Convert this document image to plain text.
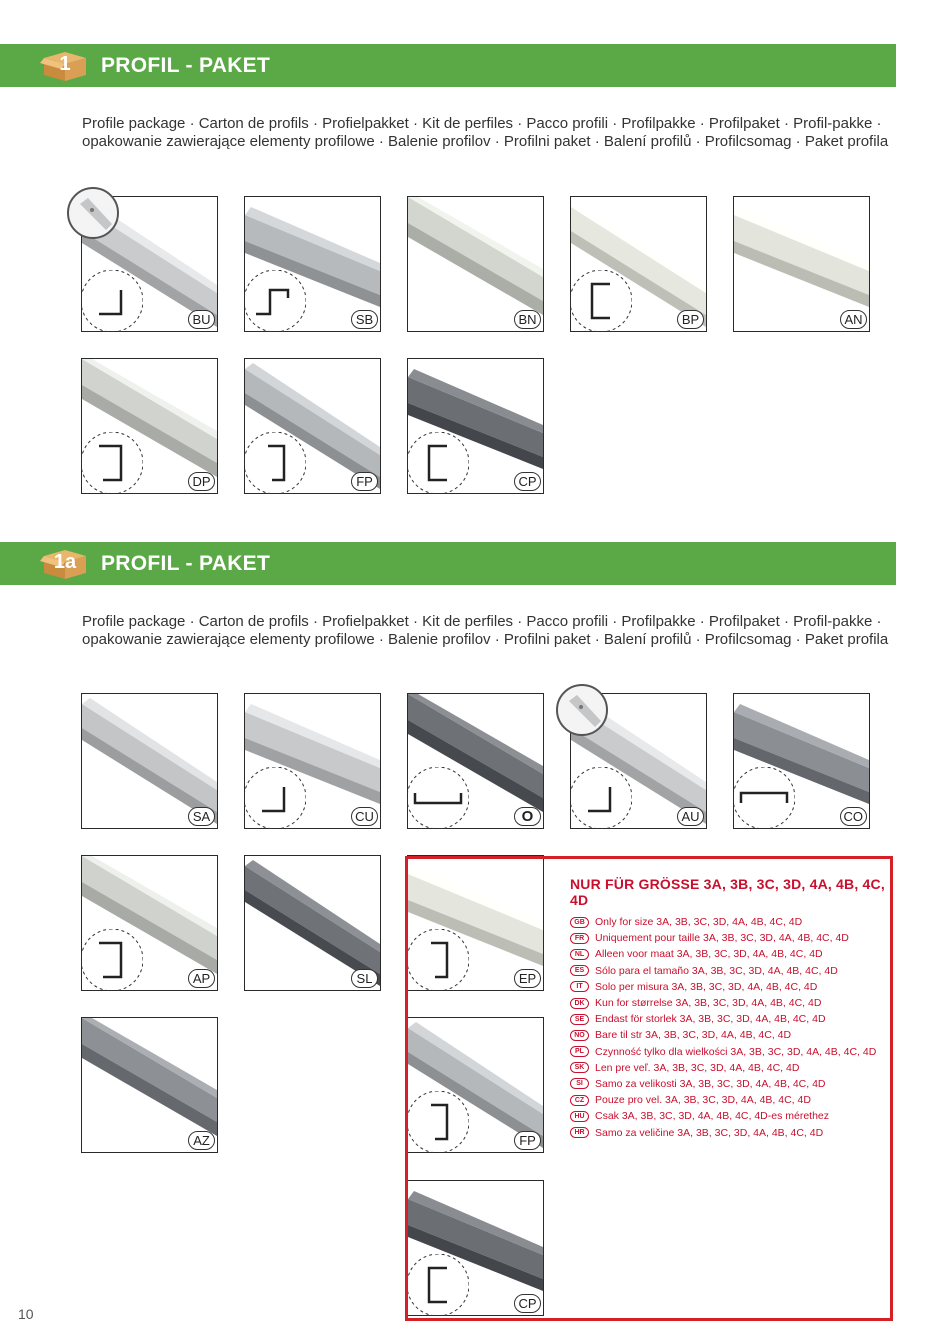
1	PROFIL - PAKET
Profile package · Carton de profils · Profielpakket · Kit de perfiles · Pacco profili · Profilpakke · Profilpaket · Profil-pakke · opakowanie zawierające elementy profilowe · Balenie profilov · Profilni paket · Balení profilů · Profilcsomag · Paket profila
BU	SB	BN	BP	AN
DP	FP	CP
1a	PROFIL - PAKET
Profile package · Carton de profils · Profielpakket · Kit de perfiles · Pacco profili · Profilpakke · Profilpaket · Profil-pakke · opakowanie zawierające elementy profilowe · Balenie profilov · Profilni paket · Balení profilů · Profilcsomag · Paket profila
SA	CU	O	AU	CO
AP	SL	EP
AZ	FP
CP
NUR FÜR GRÖSSE 3A, 3B, 3C, 3D, 4A, 4B, 4C, 4D
GB Only for size 3A, 3B, 3C, 3D, 4A, 4B, 4C, 4D
FR	Uniquement pour taille 3A, 3B, 3C, 3D, 4A, 4B, 4C, 4D
NL	Alleen voor maat 3A, 3B, 3C, 3D, 4A, 4B, 4C, 4D
ES	Sólo para el tamaño 3A, 3B, 3C, 3D, 4A, 4B, 4C, 4D
IT	Solo per misura 3A, 3B, 3C, 3D, 4A, 4B, 4C, 4D
DK Kun for størrelse 3A, 3B, 3C, 3D, 4A, 4B, 4C, 4D
SE	Endast för storlek 3A, 3B, 3C, 3D, 4A, 4B, 4C, 4D
NO Bare til str 3A, 3B, 3C, 3D, 4A, 4B, 4C, 4D
PL	Czynność tylko dla wielkości 3A, 3B, 3C, 3D, 4A, 4B, 4C, 4D
SK	Len pre veľ. 3A, 3B, 3C, 3D, 4A, 4B, 4C, 4D
SI	Samo za velikosti 3A, 3B, 3C, 3D, 4A, 4B, 4C, 4D
CZ	Pouze pro vel. 3A, 3B, 3C, 3D, 4A, 4B, 4C, 4D
HU Csak 3A, 3B, 3C, 3D, 4A, 4B, 4C, 4D-es mérethez
HR Samo za veličine 3A, 3B, 3C, 3D, 4A, 4B, 4C, 4D
10
